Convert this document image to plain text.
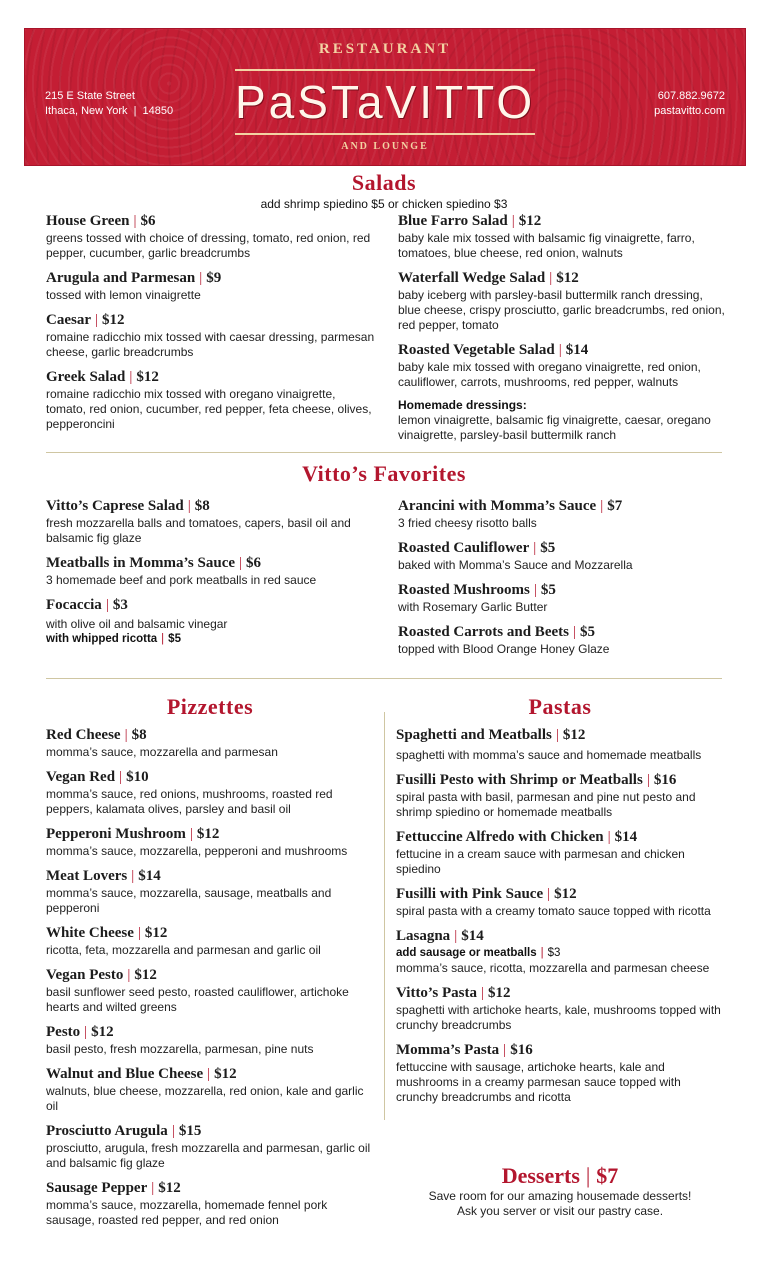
215 E State Street
Ithaca, New York | 14850
RESTAURANT
PaSTaVITTO
AND LOUNGE
607.882.9672
pastavitto.com
Salads
add shrimp spiedino $5 or chicken spiedino $3
House Green | $6
greens tossed with choice of dressing, tomato, red onion, red pepper, cucumber, garlic breadcrumbs
Arugula and Parmesan | $9
tossed with lemon vinaigrette
Caesar | $12
romaine radicchio mix tossed with caesar dressing, parmesan cheese, garlic breadcrumbs
Greek Salad | $12
romaine radicchio mix tossed with oregano vinaigrette, tomato, red onion, cucumber, red pepper, feta cheese, olives, pepperoncini
Blue Farro Salad | $12
baby kale mix tossed with balsamic fig vinaigrette, farro, tomatoes, blue cheese, red onion, walnuts
Waterfall Wedge Salad | $12
baby iceberg with parsley-basil buttermilk ranch dressing, blue cheese, crispy prosciutto, garlic breadcrumbs, red onion, red pepper, tomato
Roasted Vegetable Salad | $14
baby kale mix tossed with oregano vinaigrette, red onion, cauliflower, carrots, mushrooms, red pepper, walnuts
Homemade dressings:
lemon vinaigrette, balsamic fig vinaigrette, caesar, oregano vinaigrette, parsley-basil buttermilk ranch
Vitto’s Favorites
Vitto’s Caprese Salad | $8
fresh mozzarella balls and tomatoes, capers, basil oil and balsamic fig glaze
Meatballs in Momma’s Sauce | $6
3 homemade beef and pork meatballs in red sauce
Focaccia | $3
with olive oil and balsamic vinegar
with whipped ricotta | $5
Arancini with Momma’s Sauce | $7
3 fried cheesy risotto balls
Roasted Cauliflower | $5
baked with Momma’s Sauce and Mozzarella
Roasted Mushrooms | $5
with Rosemary Garlic Butter
Roasted Carrots and Beets | $5
topped with Blood Orange Honey Glaze
Pizzettes
Red Cheese | $8
momma’s sauce, mozzarella and parmesan
Vegan Red | $10
momma’s sauce, red onions, mushrooms, roasted red peppers, kalamata olives, parsley and basil oil
Pepperoni Mushroom | $12
momma’s sauce, mozzarella, pepperoni and mushrooms
Meat Lovers | $14
momma’s sauce, mozzarella, sausage, meatballs and pepperoni
White Cheese | $12
ricotta, feta, mozzarella and parmesan and garlic oil
Vegan Pesto | $12
basil sunflower seed pesto, roasted cauliflower, artichoke hearts and wilted greens
Pesto | $12
basil pesto, fresh mozzarella, parmesan, pine nuts
Walnut and Blue Cheese | $12
walnuts, blue cheese, mozzarella, red onion, kale and garlic oil
Prosciutto Arugula | $15
prosciutto, arugula, fresh mozzarella and parmesan, garlic oil and balsamic fig glaze
Sausage Pepper | $12
momma’s sauce, mozzarella, homemade fennel pork sausage, roasted red pepper, and red onion
Pastas
Spaghetti and Meatballs | $12
spaghetti with momma’s sauce and homemade meatballs
Fusilli Pesto with Shrimp or Meatballs | $16
spiral pasta with basil, parmesan and pine nut pesto and shrimp spiedino or homemade meatballs
Fettuccine Alfredo with Chicken | $14
fettucine in a cream sauce with parmesan and chicken spiedino
Fusilli with Pink Sauce | $12
spiral pasta with a creamy tomato sauce topped with ricotta
Lasagna | $14
add sausage or meatballs | $3
momma’s sauce, ricotta, mozzarella and parmesan cheese
Vitto’s Pasta | $12
spaghetti with artichoke hearts, kale, mushrooms topped with crunchy breadcrumbs
Momma’s Pasta | $16
fettuccine with sausage, artichoke hearts, kale and mushrooms in a creamy parmesan sauce topped with crunchy breadcrumbs and ricotta
Desserts | $7
Save room for our amazing housemade desserts!
Ask you server or visit our pastry case.
